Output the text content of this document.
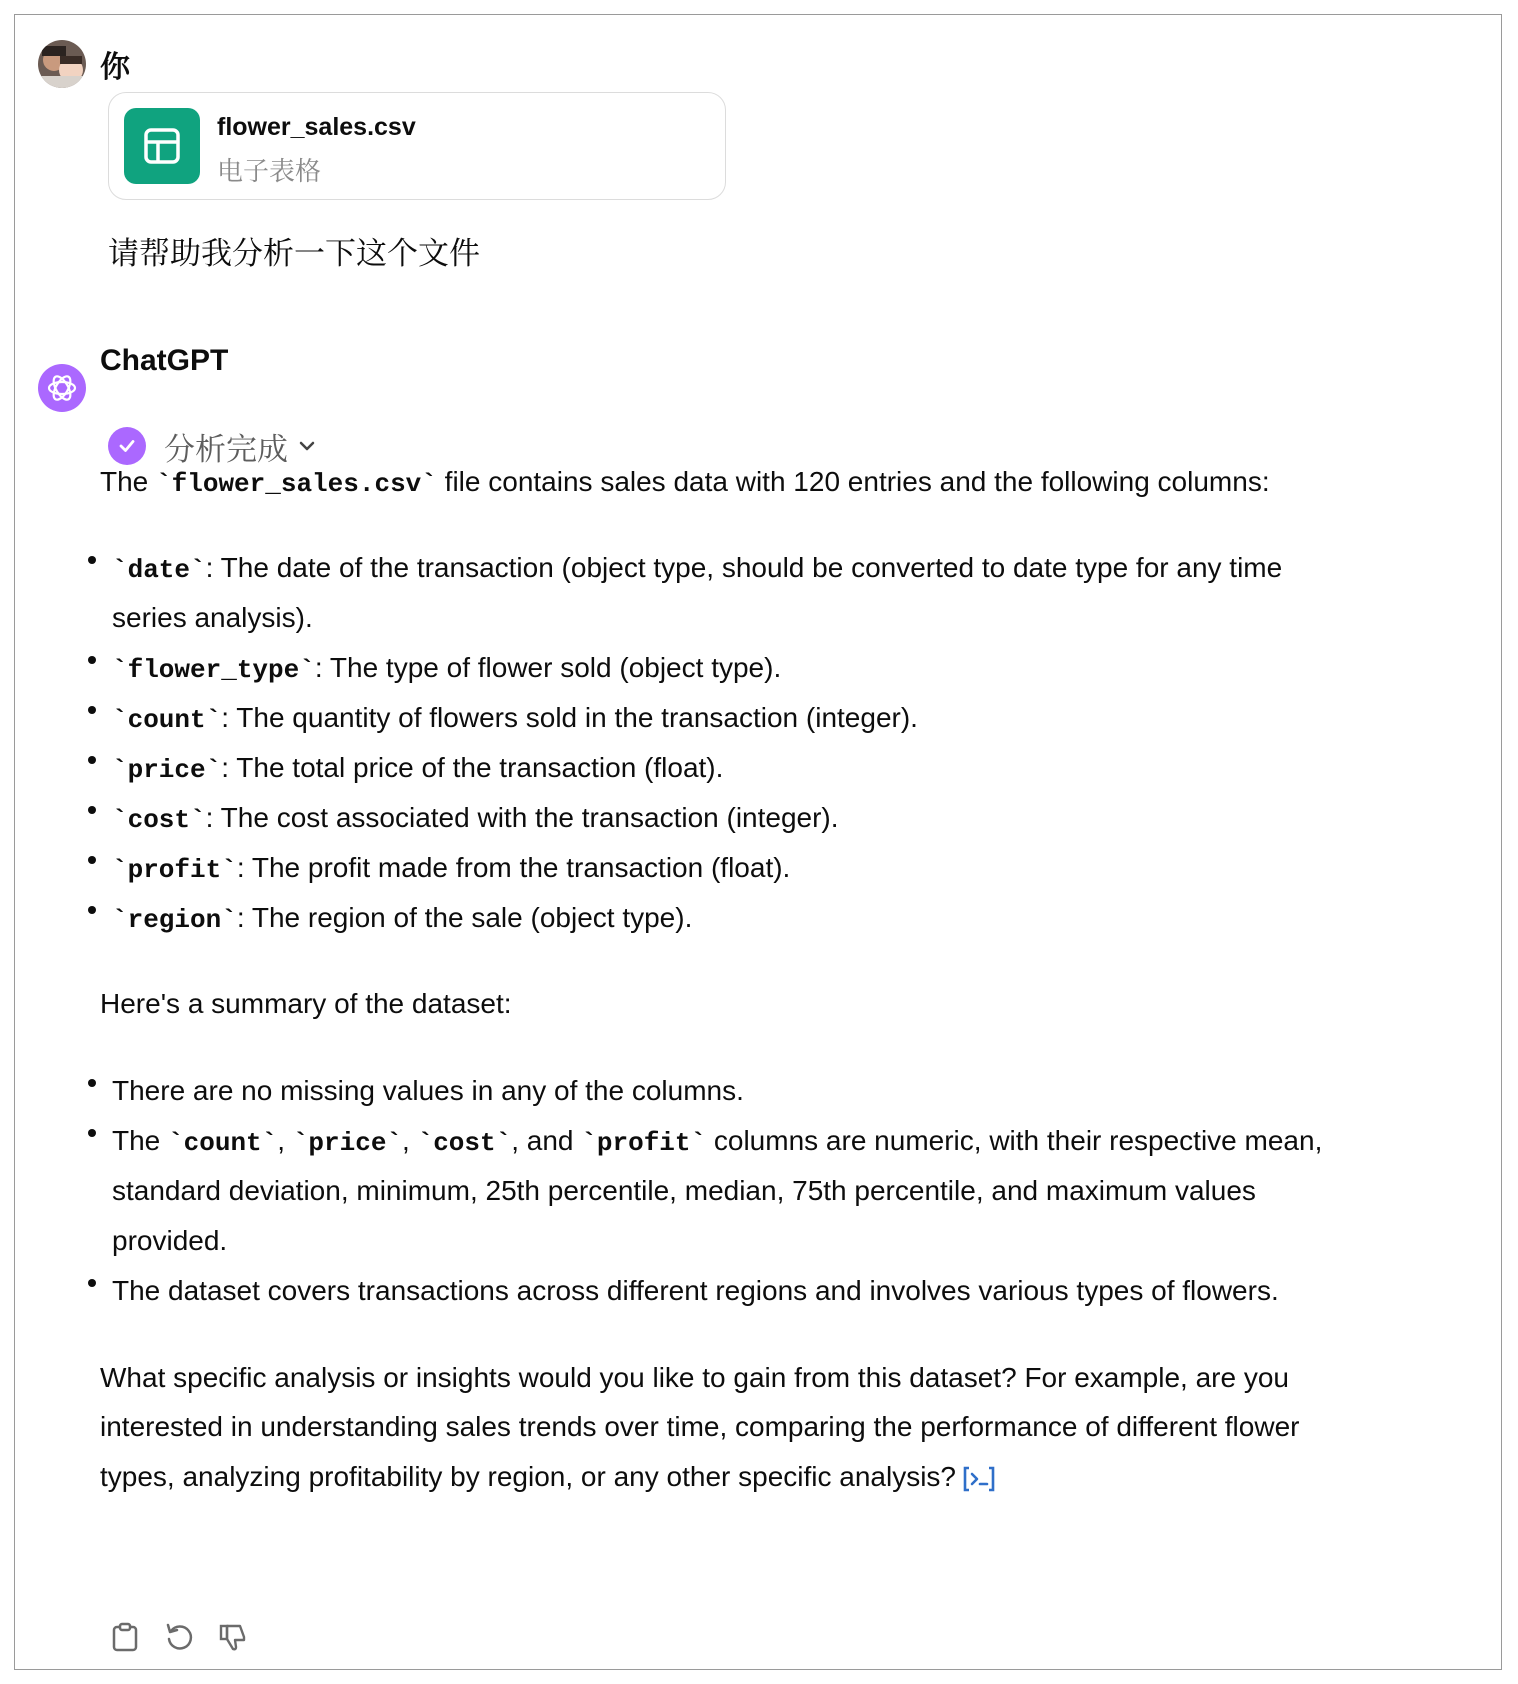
你
flower_sales.csv
电子表格
请帮助我分析一下这个文件
ChatGPT
分析完成
The `flower_sales.csv` file contains sales data with 120 entries and the following columns:
`date`: The date of the transaction (object type, should be converted to date type for any time
series analysis).
`flower_type`: The type of flower sold (object type).
`count`: The quantity of flowers sold in the transaction (integer).
`price`: The total price of the transaction (float).
`cost`: The cost associated with the transaction (integer).
`profit`: The profit made from the transaction (float).
`region`: The region of the sale (object type).
Here's a summary of the dataset:
There are no missing values in any of the columns.
The `count`, `price`, `cost`, and `profit` columns are numeric, with their respective mean,
standard deviation, minimum, 25th percentile, median, 75th percentile, and maximum values
provided.
The dataset covers transactions across different regions and involves various types of flowers.
What specific analysis or insights would you like to gain from this dataset? For example, are you
interested in understanding sales trends over time, comparing the performance of different flower
types, analyzing profitability by region, or any other specific analysis?
